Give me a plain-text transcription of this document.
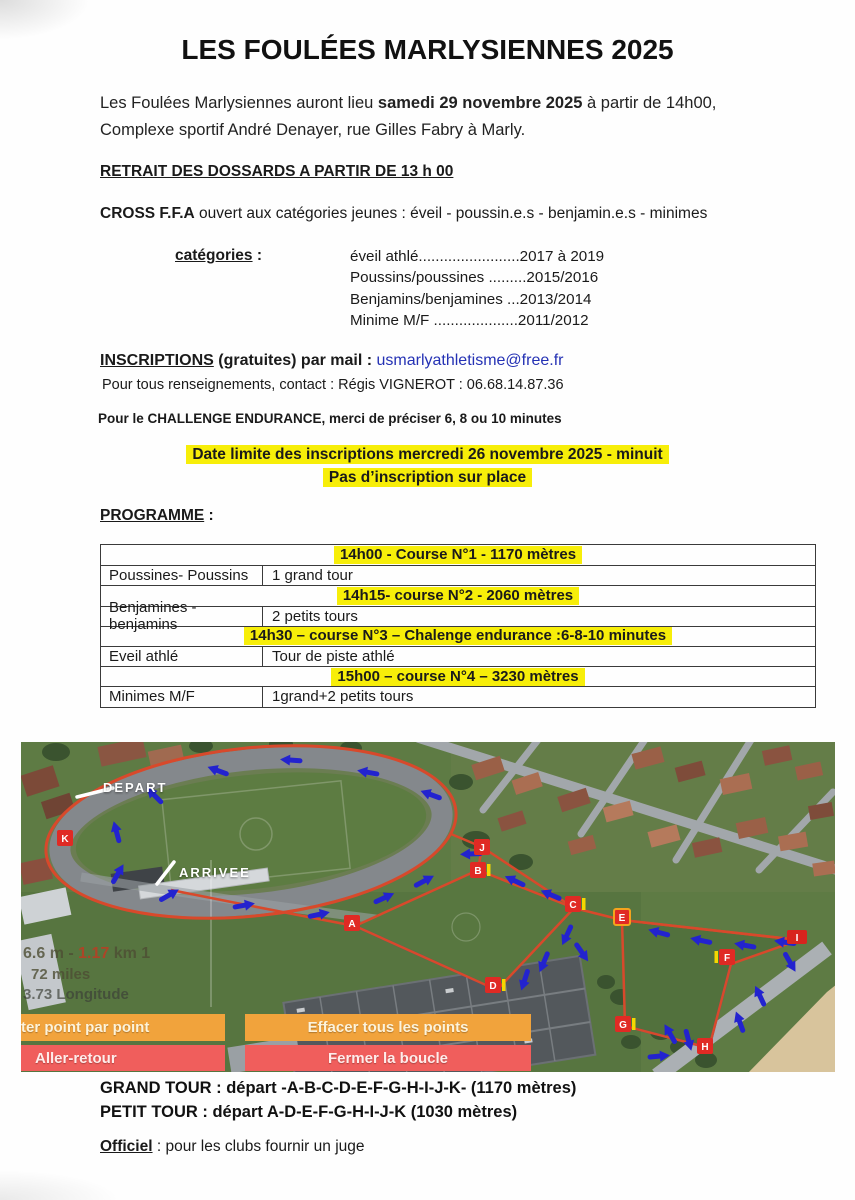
LES FOULÉES MARLYSIENNES 2025
Les Foulées Marlysiennes auront lieu samedi 29 novembre 2025 à partir de 14h00, Complexe sportif André Denayer, rue Gilles Fabry à Marly.
RETRAIT DES DOSSARDS A PARTIR DE 13 h 00
CROSS F.F.A ouvert aux catégories jeunes : éveil - poussin.e.s - benjamin.e.s - minimes
catégories :	éveil athlé........................2017 à 2019
Poussins/poussines .........2015/2016
Benjamins/benjamines ...2013/2014
Minime M/F ....................2011/2012
INSCRIPTIONS (gratuites) par mail : usmarlyathletisme@free.fr
Pour tous renseignements, contact : Régis VIGNEROT : 06.68.14.87.36
Pour le CHALLENGE ENDURANCE, merci de préciser 6, 8 ou 10 minutes
Date limite des inscriptions mercredi 26 novembre 2025 - minuit
Pas d’inscription sur place
PROGRAMME :
14h00 - Course N°1 - 1170 mètres
Poussines- Poussins	1 grand tour
14h15- course N°2 - 2060 mètres
Benjamines -benjamins	2 petits tours
14h30 – course N°3 – Chalenge endurance :6-8-10 minutes
Eveil athlé	Tour de piste athlé
15h00 – course N°4 – 3230 mètres
Minimes M/F	1grand+2 petits tours
K
J
B
A
C
E
D
F
I
G
H
DEPART
ARRIVEE
6.6 m - 1.17 km 1
72 miles
3.73 Longitude
ter point par point	Effacer tous les points
Aller-retour	Fermer la boucle
GRAND TOUR : départ -A-B-C-D-E-F-G-H-I-J-K- (1170 mètres)
PETIT TOUR : départ A-D-E-F-G-H-I-J-K (1030 mètres)
Officiel : pour les clubs fournir un juge
